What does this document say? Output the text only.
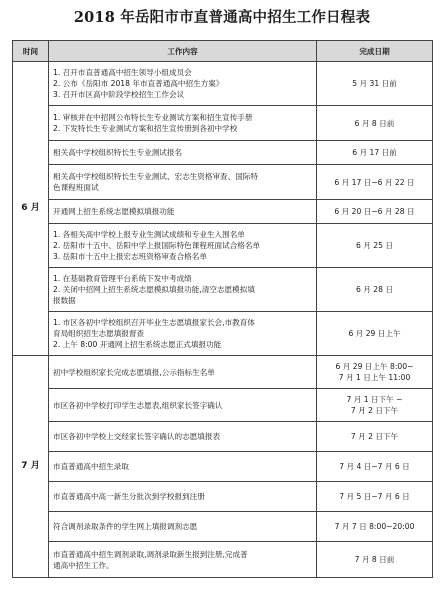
2018 年岳阳市市直普通高中招生工作日程表
时间	工作内容	完成日期
6 月	1. 召开市直普通高中招生领导小组成员会
2. 公布《岳阳市 2018 年市直普通高中招生方案》
3. 召开市区高中阶段学校招生工作会议	5 月 31 日前

	1. 审核并在中招网公布特长生专业测试方案和招生宣传手册
2. 下发特长生专业测试方案和招生宣传册到各初中学校	6 月 8 日前

	相关高中学校组织特长生专业测试报名	6 月 17 日前

	相关高中学校组织特长生专业测试、宏志生资格审查、国际特
色课程班面试	6 月 17 日~6 月 22 日

	开通网上招生系统志愿模拟填报功能	6 月 20 日~6 月 28 日

	1. 各相关高中学校上报专业生测试成绩和专业生入围名单
2. 岳阳市十五中、岳阳中学上报国际特色课程班面试合格名单
3. 岳阳市十五中上报宏志班资格审查合格名单	6 月 25 日

	1. 在基础教育管理平台系统下发中考成绩
2. 关闭中招网上招生系统志愿模拟填报功能,清空志愿模拟填
报数据	6 月 28 日

	1. 市区各初中学校组织召开毕业生志愿填报家长会,市教育体
育局组织招生志愿填报督查
2. 上午 8:00 开通网上招生系统志愿正式填报功能	6 月 29 日上午

7 月	初中学校组织家长完成志愿填报,公示指标生名单	6 月 29 日上午 8:00~
7 月 1 日上午 11:00

	市区各初中学校打印学生志愿表,组织家长签字确认	7 月 1 日下午 ~
7 月 2 日下午

	市区各初中学校上交经家长签字确认的志愿填报表	7 月 2 日下午

	市直普通高中招生录取	7 月 4 日~7 月 6 日

	市直普通高中高一新生分批次到学校报到注册	7 月 5 日~7 月 6 日

	符合调剂录取条件的学生网上填报调剂志愿	7 月 7 日 8:00~20:00

	市直普通高中招生调剂录取,调剂录取新生报到注册,完成普
通高中招生工作。	7 月 8 日前
